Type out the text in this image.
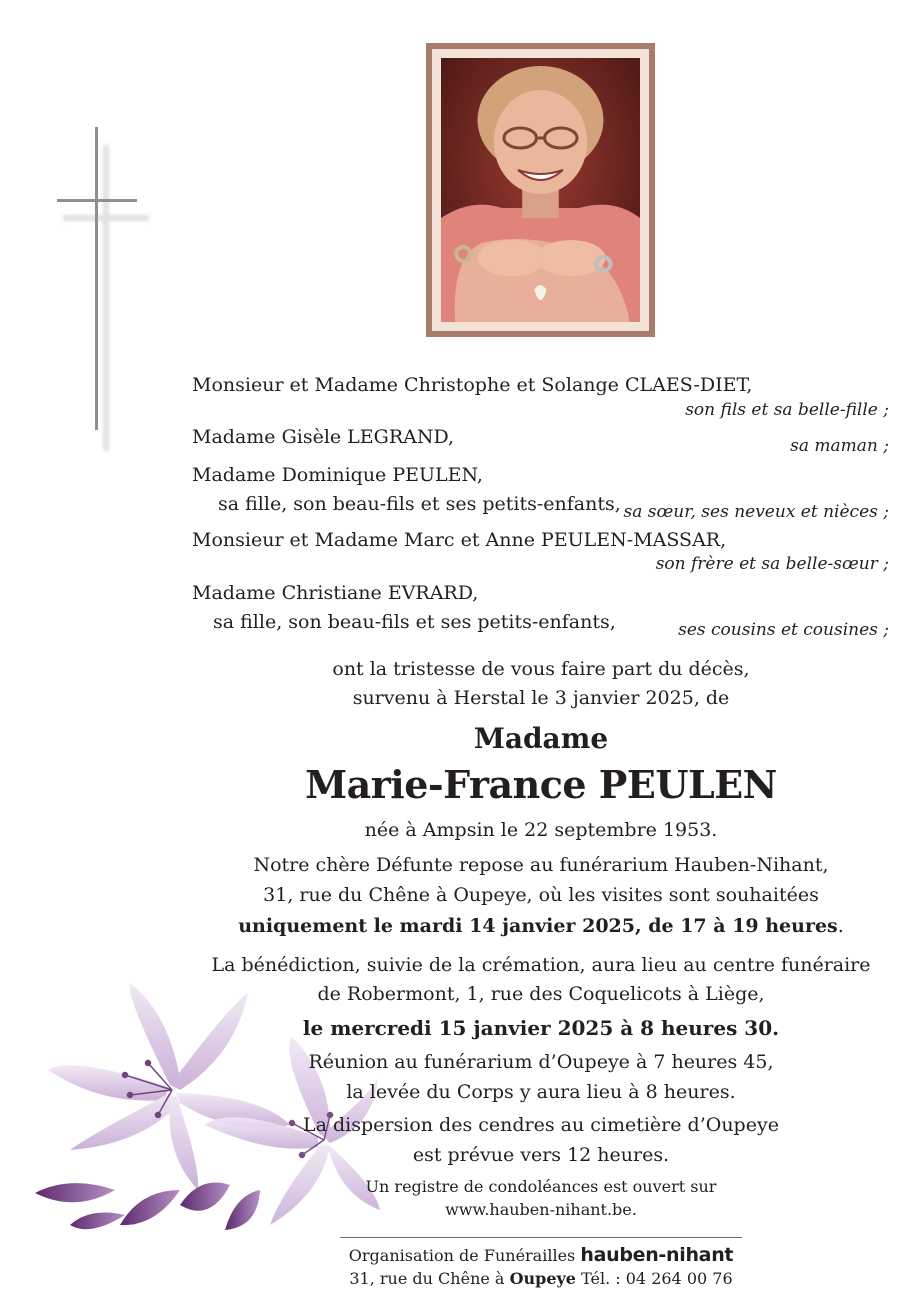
Monsieur et Madame Christophe et Solange CLAES-DIET,
son fils et sa belle-fille ;
Madame Gisèle LEGRAND,	sa maman ;
Madame Dominique PEULEN,
sa fille, son beau-fils et ses petits-enfants, sa sœur, ses neveux et nièces ;
Monsieur et Madame Marc et Anne PEULEN-MASSAR,
son frère et sa belle-sœur ;
Madame Christiane EVRARD,
sa fille, son beau-fils et ses petits-enfants,	ses cousins et cousines ;
ont la tristesse de vous faire part du décès,
survenu à Herstal le 3 janvier 2025, de
Madame
Marie-France PEULEN
née à Ampsin le 22 septembre 1953.
Notre chère Défunte repose au funérarium Hauben-Nihant,
31, rue du Chêne à Oupeye, où les visites sont souhaitées
uniquement le mardi 14 janvier 2025, de 17 à 19 heures.
La bénédiction, suivie de la crémation, aura lieu au centre funéraire
de Robermont, 1, rue des Coquelicots à Liège,
le mercredi 15 janvier 2025 à 8 heures 30.
Réunion au funérarium d’Oupeye à 7 heures 45,
la levée du Corps y aura lieu à 8 heures.
La dispersion des cendres au cimetière d’Oupeye
est prévue vers 12 heures.
Un registre de condoléances est ouvert sur
www.hauben-nihant.be.
Organisation de Funérailles hauben-nihant
31, rue du Chêne à Oupeye Tél. : 04 264 00 76
